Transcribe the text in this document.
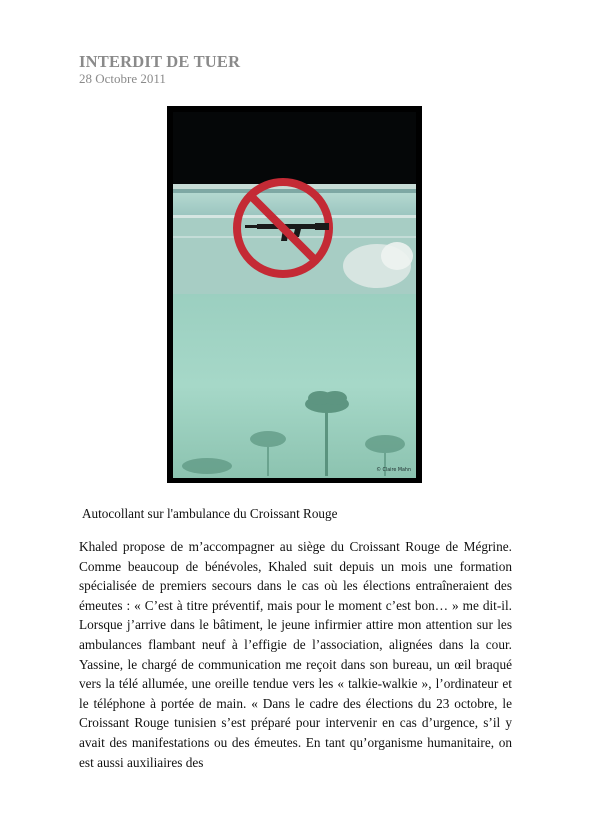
INTERDIT DE TUER
28 Octobre 2011
© Claire Mahn
Autocollant sur l'ambulance du Croissant Rouge
Khaled propose de m’accompagner au siège du Croissant Rouge de Mégrine. Comme beaucoup de bénévoles, Khaled suit depuis un mois une formation spécialisée de premiers secours dans le cas où les élections entraîneraient des émeutes : « C’est à titre préventif, mais pour le moment c’est bon… » me dit-il. Lorsque j’arrive dans le bâtiment, le jeune infirmier attire mon attention sur les ambulances flambant neuf à l’effigie de l’association, alignées dans la cour. Yassine, le chargé de communication me reçoit dans son bureau, un œil braqué vers la télé allumée, une oreille tendue vers les « talkie-walkie », l’ordinateur et le téléphone à portée de main. « Dans le cadre des élections du 23 octobre, le Croissant Rouge tunisien s’est préparé pour intervenir en cas d’urgence, s’il y avait des manifestations ou des émeutes. En tant qu’organisme humanitaire, on est aussi auxiliaires des
